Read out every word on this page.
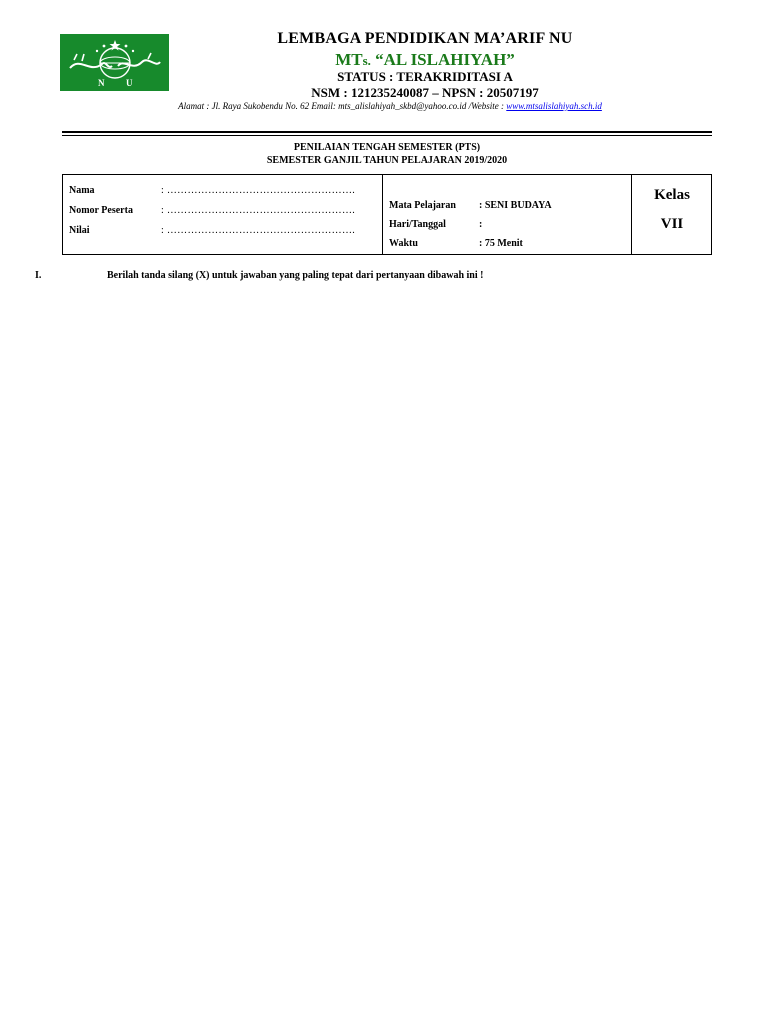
N U
LEMBAGA PENDIDIKAN MA’ARIF NU
MTs. “AL ISLAHIYAH”
STATUS : TERAKRIDITASI A
NSM : 121235240087 – NPSN : 20507197
Alamat : Jl. Raya Sukobendu No. 62 Email: mts_alislahiyah_skbd@yahoo.co.id /Website : www.mtsalislahiyah.sch.id
PENILAIAN TENGAH SEMESTER (PTS)
SEMESTER GANJIL TAHUN PELAJARAN 2019/2020
Nama	: ……………………………………………….
Nomor Peserta	: ……………………………………………….
Nilai	: ……………………………………………….
Mata Pelajaran : SENI BUDAYA
Hari/Tanggal	:
Waktu	: 75 Menit
Kelas
VII
I.	Berilah tanda silang (X) untuk jawaban yang paling tepat dari pertanyaan dibawah ini !
